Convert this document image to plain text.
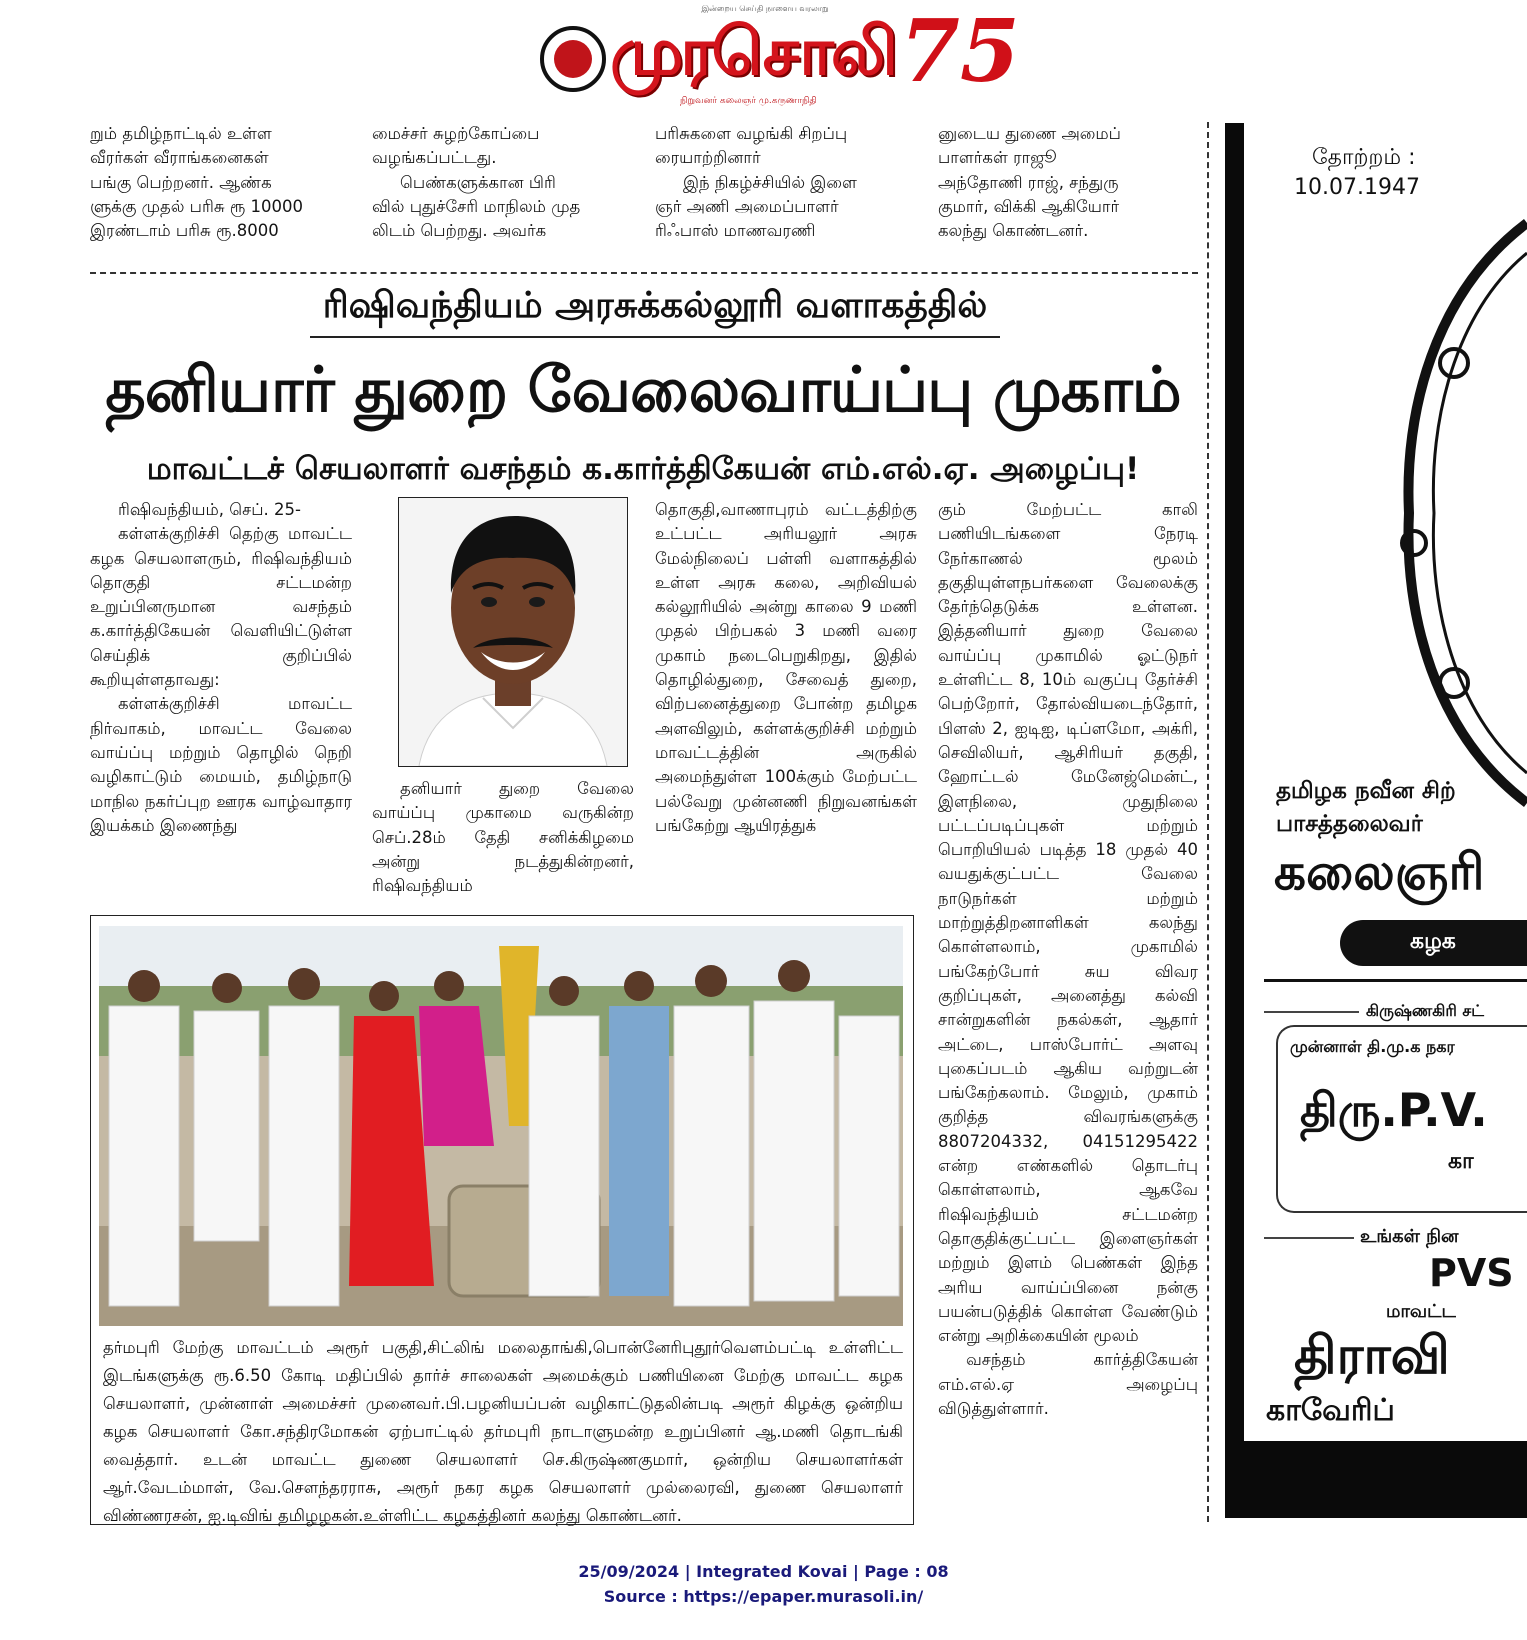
இன்றைய செய்தி நாளைய வரலாறு
முரசொலி
நிறுவனர் கலைஞர் மு.கருணாநிதி 75
றும் தமிழ்நாட்டில் உள்ள
வீரர்கள் வீராங்கனைகள்
பங்கு பெற்றனர். ஆண்க
ளுக்கு முதல் பரிசு ரூ 10000
இரண்டாம் பரிசு ரூ.8000
மைச்சர் சுழற்கோப்பை
வழங்கப்பட்டது.
பெண்களுக்கான பிரி
வில் புதுச்சேரி மாநிலம் முத
லிடம் பெற்றது. அவர்க
பரிசுகளை வழங்கி சிறப்பு
ரையாற்றினார்
இந் நிகழ்ச்சியில் இளை
ஞர் அணி அமைப்பாளர்
ரிஃபாஸ் மாணவரணி
னுடைய துணை அமைப்
பாளர்கள் ராஜூ
அந்தோணி ராஜ், சந்துரு
குமார், விக்கி ஆகியோர்
கலந்து கொண்டனர்.
ரிஷிவந்தியம் அரசுக்கல்லூரி வளாகத்தில்
தனியார் துறை வேலைவாய்ப்பு முகாம்
மாவட்டச் செயலாளர் வசந்தம் க.கார்த்திகேயன் எம்.எல்.ஏ. அழைப்பு!

ரிஷிவந்தியம், செப். 25-

கள்ளக்குறிச்சி தெற்கு மாவட்ட கழக செயலாளரும், ரிஷிவந்தியம் தொகுதி சட்டமன்ற உறுப்பினருமான வசந்தம் க.கார்த்திகேயன் வெளியிட்டுள்ள செய்திக் குறிப்பில் கூறியுள்ளதாவது:

கள்ளக்குறிச்சி மாவட்ட நிர்வாகம், மாவட்ட வேலை வாய்ப்பு மற்றும் தொழில் நெறி வழிகாட்டும் மையம், தமிழ்நாடு மாநில நகர்ப்புற ஊரக வாழ்வாதார இயக்கம் இணைந்து

தனியார் துறை வேலை வாய்ப்பு முகாமை வருகின்ற செப்.28ம் தேதி சனிக்கிழமை அன்று நடத்துகின்றனர், ரிஷிவந்தியம்

தொகுதி,வாணாபுரம் வட்டத்திற்கு உட்பட்ட அரியலூர் அரசு மேல்நிலைப் பள்ளி வளாகத்தில் உள்ள அரசு கலை, அறிவியல் கல்லூரியில் அன்று காலை 9 மணி முதல் பிற்பகல் 3 மணி வரை முகாம் நடைபெறுகிறது, இதில் தொழில்துறை, சேவைத் துறை, விற்பனைத்துறை போன்ற தமிழக அளவிலும், கள்ளக்குறிச்சி மற்றும் மாவட்டத்தின் அருகில் அமைந்துள்ள 100க்கும் மேற்பட்ட பல்வேறு முன்னணி நிறுவனங்கள் பங்கேற்று ஆயிரத்துக்

கும் மேற்பட்ட காலி பணியிடங்களை நேரடி நேர்காணல் மூலம் தகுதியுள்ளநபர்களை வேலைக்கு தேர்ந்தெடுக்க உள்ளன. இத்தனியார் துறை வேலை வாய்ப்பு முகாமில் ஓட்டுநர் உள்ளிட்ட 8, 10ம் வகுப்பு தேர்ச்சி பெற்றோர், தோல்வியடைந்தோர், பிளஸ் 2, ஐடிஐ, டிப்ளமோ, அக்ரி, செவிலியர், ஆசிரியர் தகுதி, ஹோட்டல் மேனேஜ்மென்ட், இளநிலை, முதுநிலை பட்டப்படிப்புகள் மற்றும் பொறியியல் படித்த 18 முதல் 40 வயதுக்குட்பட்ட வேலை நாடுநர்கள் மற்றும் மாற்றுத்திறனாளிகள் கலந்து கொள்ளலாம், முகாமில் பங்கேற்போர் சுய விவர குறிப்புகள், அனைத்து கல்வி சான்றுகளின் நகல்கள், ஆதார் அட்டை, பாஸ்போர்ட் அளவு புகைப்படம் ஆகிய வற்றுடன் பங்கேற்கலாம். மேலும், முகாம் குறித்த விவரங்களுக்கு 8807204332, 04151295422 என்ற எண்களில் தொடர்பு கொள்ளலாம், ஆகவே ரிஷிவந்தியம் சட்டமன்ற தொகுதிக்குட்பட்ட இளைஞர்கள் மற்றும் இளம் பெண்கள் இந்த அரிய வாய்ப்பினை நன்கு பயன்படுத்திக் கொள்ள வேண்டும் என்று அறிக்கையின் மூலம்

வசந்தம் கார்த்திகேயன் எம்.எல்.ஏ அழைப்பு விடுத்துள்ளார்.

தர்மபுரி மேற்கு மாவட்டம் அரூர் பகுதி,சிட்லிங் மலைதாங்கி,பொன்னேரிபுதூர்வெளம்பட்டி உள்ளிட்ட இடங்களுக்கு ரூ.6.50 கோடி மதிப்பில் தார்ச் சாலைகள் அமைக்கும் பணியினை மேற்கு மாவட்ட கழக செயலாளர், முன்னாள் அமைச்சர் முனைவர்.பி.பழனியப்பன் வழிகாட்டுதலின்படி அரூர் கிழக்கு ஒன்றிய கழக செயலாளர் கோ.சந்திரமோகன் ஏற்பாட்டில் தர்மபுரி நாடாளுமன்ற உறுப்பினர் ஆ.மணி தொடங்கி வைத்தார். உடன் மாவட்ட துணை செயலாளர் செ.கிருஷ்ணகுமார், ஒன்றிய செயலாளர்கள் ஆர்.வேடம்மாள், வே.சௌந்தரராசு, அரூர் நகர கழக செயலாளர் முல்லைரவி, துணை செயலாளர் விண்ணரசன், ஐ.டிவிங் தமிழழகன்.உள்ளிட்ட கழகத்தினர் கலந்து கொண்டனர்.
தோற்றம் :
10.07.1947
தமிழக நவீன சிற்
பாசத்தலைவர்
கலைஞரி
கழக
கிருஷ்ணகிரி சட்
முன்னாள் தி.மு.க நகர
திரு.P.V.
கா
உங்கள் நின
PVS
மாவட்ட
திராவி
காவேரிப்
25/09/2024 | Integrated Kovai | Page : 08
Source : https://epaper.murasoli.in/
